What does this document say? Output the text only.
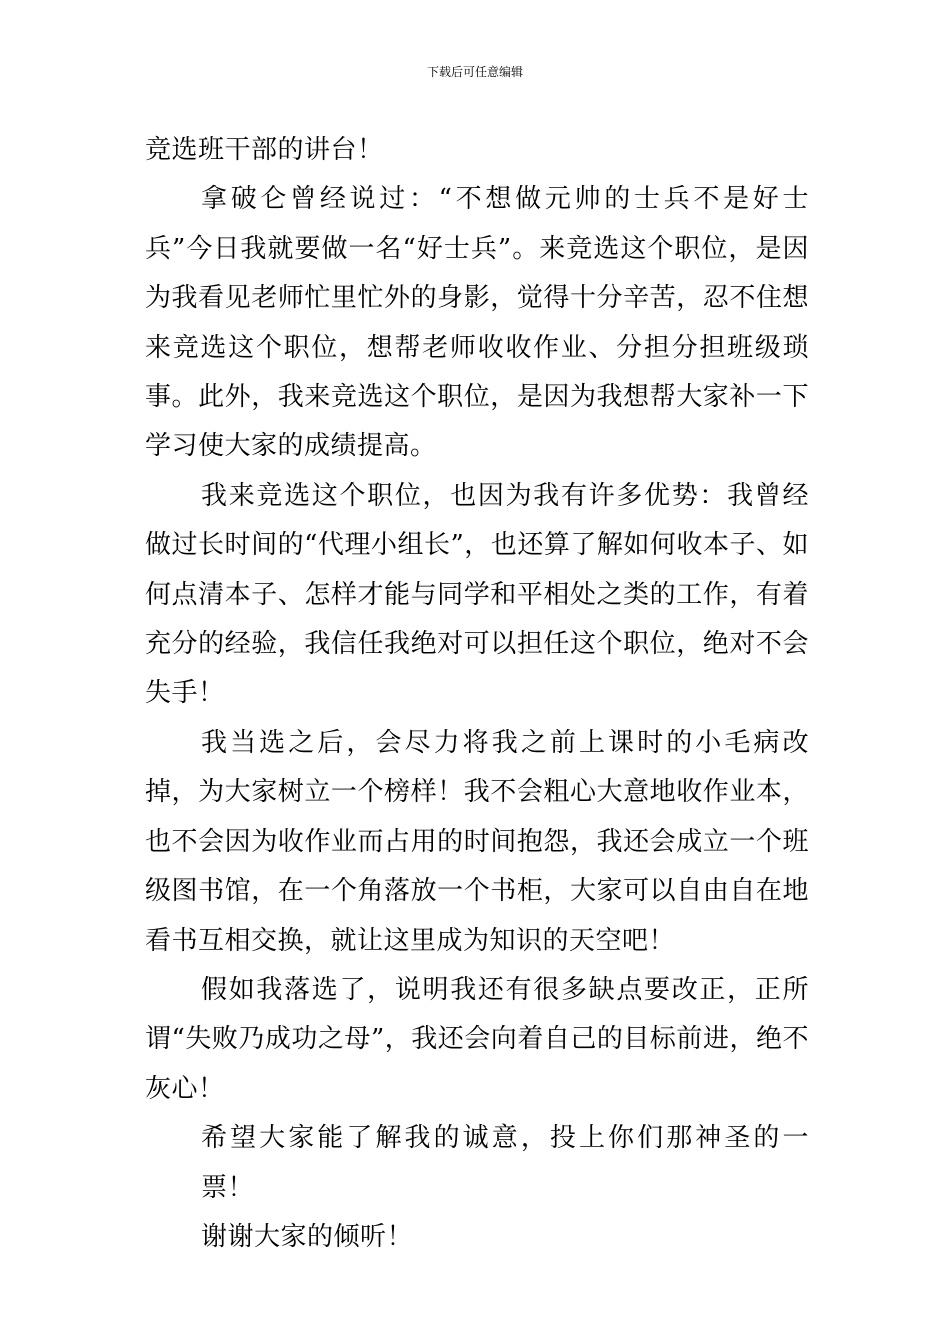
下载后可任意编辑

竞选班干部的讲台！

拿破仑曾经说过：“不想做元帅的士兵不是好士兵”今日我就要做一名“好士兵”。来竞选这个职位，是因为我看见老师忙里忙外的身影，觉得十分辛苦，忍不住想来竞选这个职位，想帮老师收收作业、分担分担班级琐事。此外，我来竞选这个职位，是因为我想帮大家补一下学习使大家的成绩提高。

我来竞选这个职位，也因为我有许多优势：我曾经做过长时间的“代理小组长”，也还算了解如何收本子、如何点清本子、怎样才能与同学和平相处之类的工作，有着充分的经验，我信任我绝对可以担任这个职位，绝对不会失手！

我当选之后，会尽力将我之前上课时的小毛病改掉，为大家树立一个榜样！我不会粗心大意地收作业本，也不会因为收作业而占用的时间抱怨，我还会成立一个班级图书馆，在一个角落放一个书柜，大家可以自由自在地看书互相交换，就让这里成为知识的天空吧！

假如我落选了，说明我还有很多缺点要改正，正所谓“失败乃成功之母”，我还会向着自己的目标前进，绝不灰心！

希望大家能了解我的诚意，投上你们那神圣的一票！

谢谢大家的倾听！
